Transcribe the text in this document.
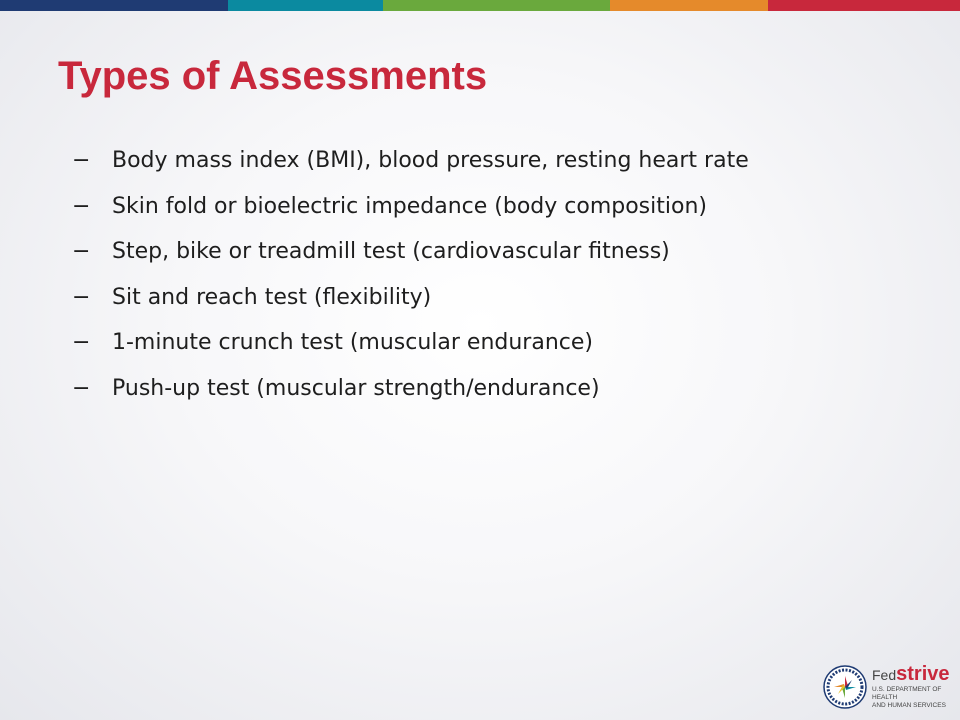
Types of Assessments
− Body mass index (BMI), blood pressure, resting heart rate
− Skin fold or bioelectric impedance (body composition)
− Step, bike or treadmill test (cardiovascular fitness)
− Sit and reach test (flexibility)
− 1-minute crunch test (muscular endurance)
− Push-up test (muscular strength/endurance)
Fedstrive
U.S. DEPARTMENT OF HEALTH
AND HUMAN SERVICES
